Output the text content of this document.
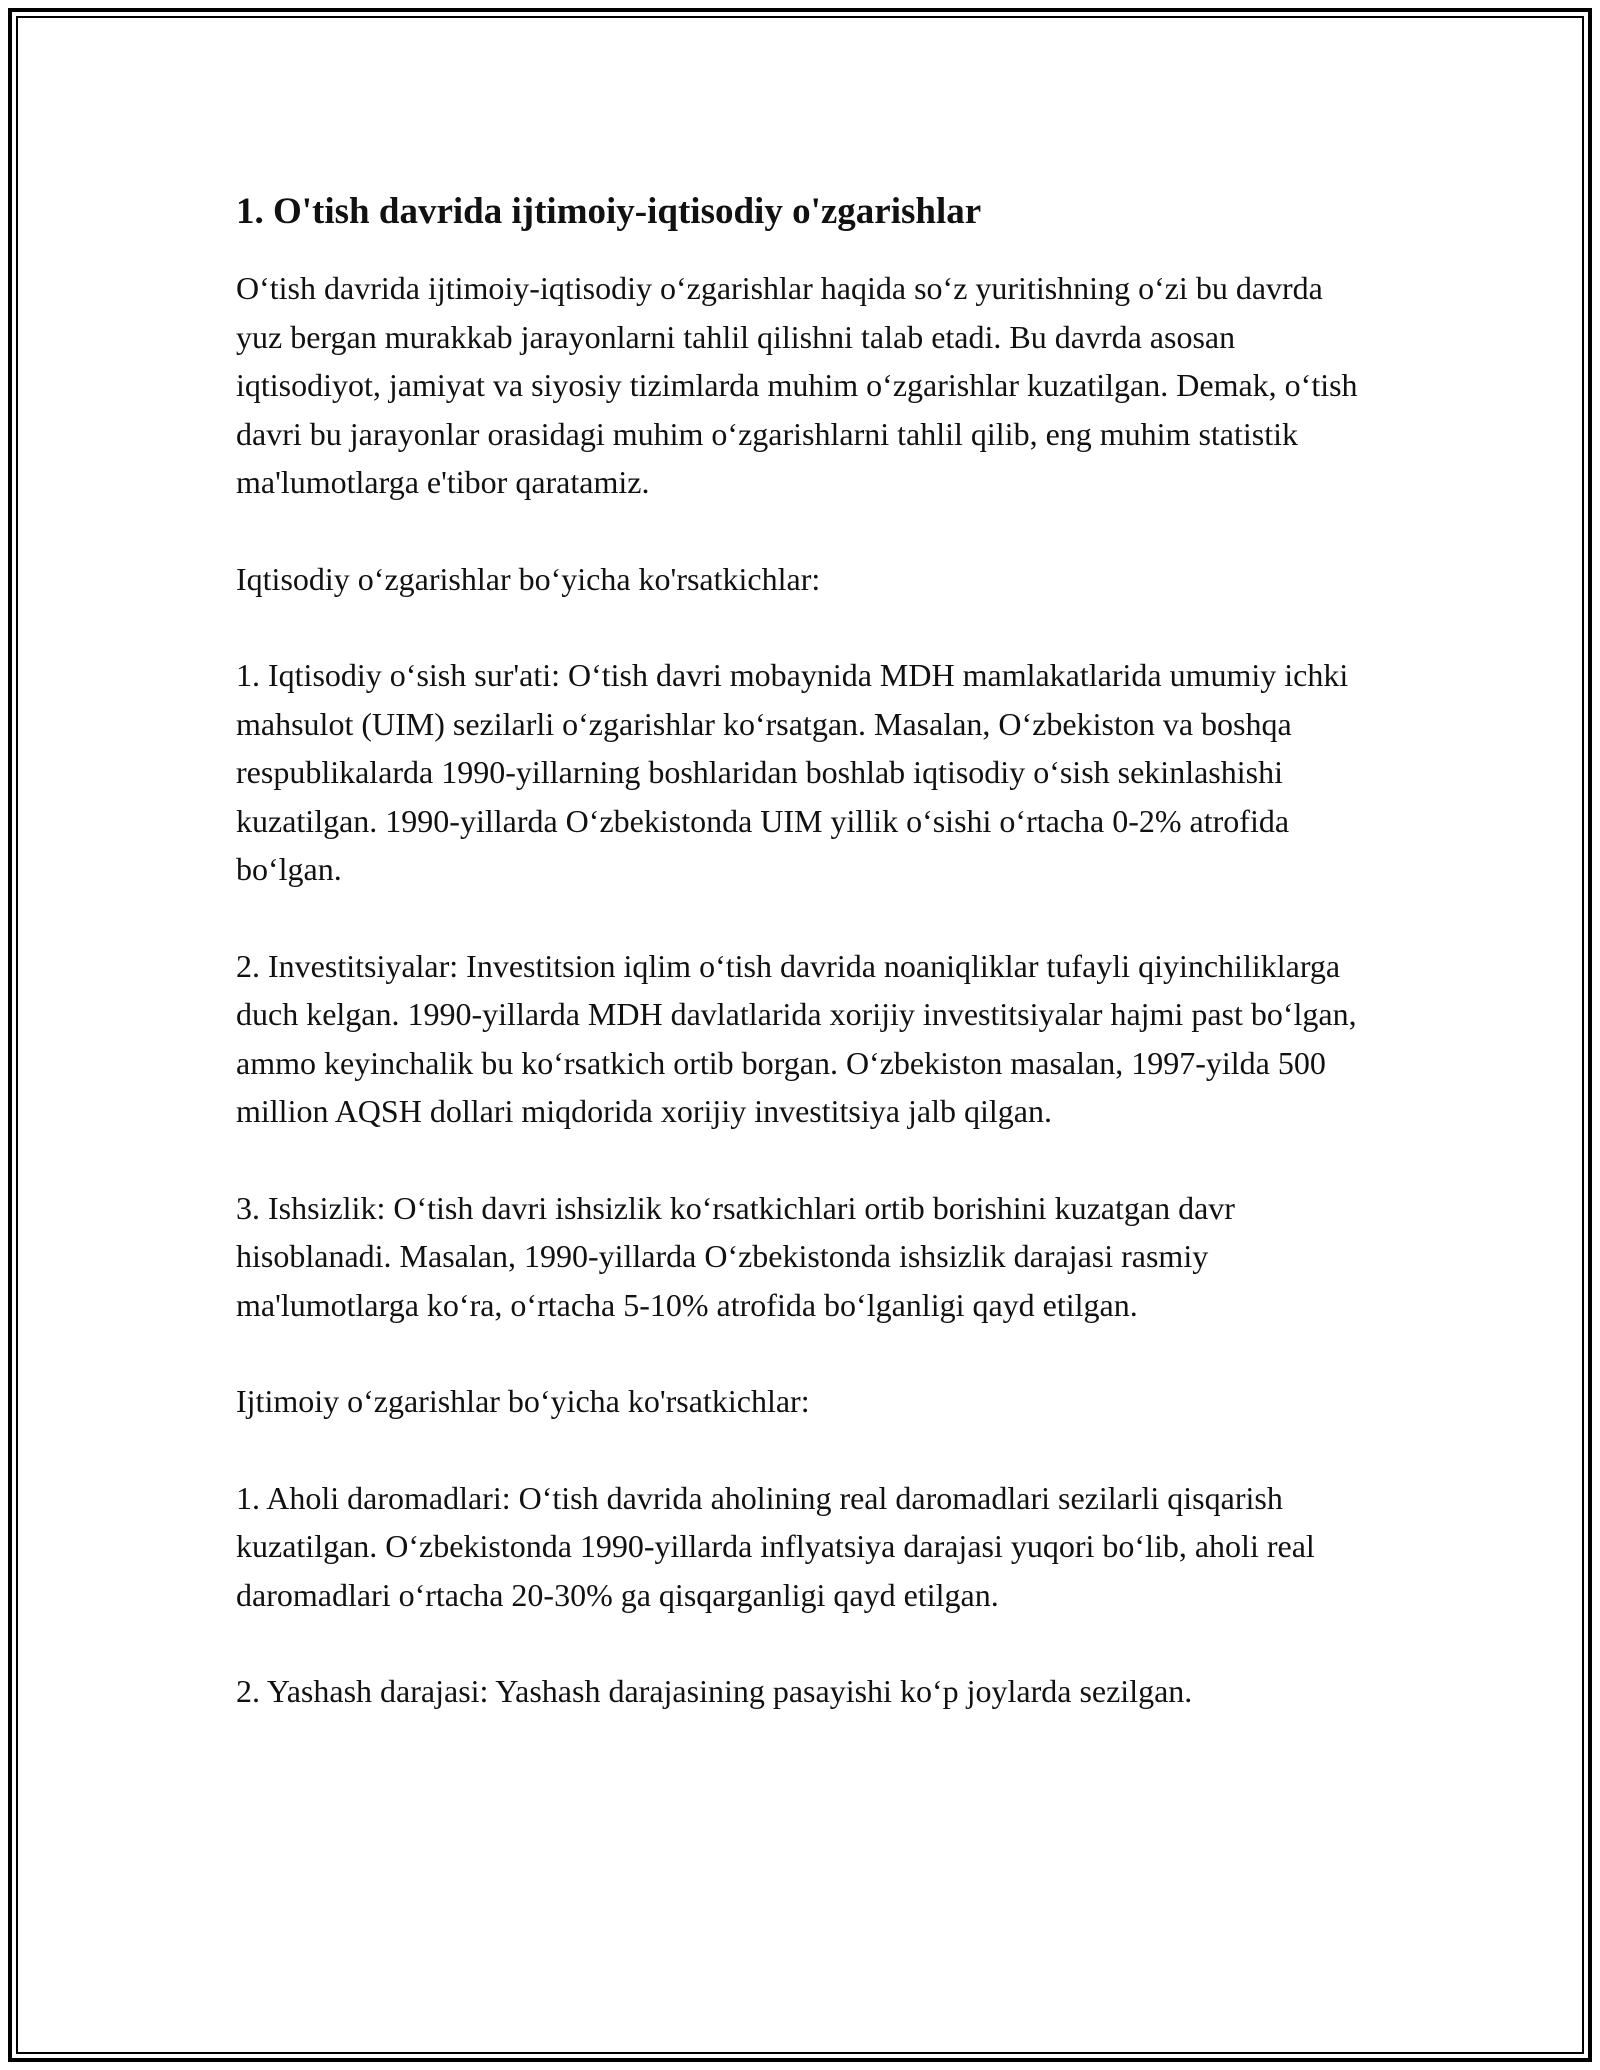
1. O'tish davrida ijtimoiy-iqtisodiy o'zgarishlar

O‘tish davrida ijtimoiy-iqtisodiy o‘zgarishlar haqida so‘z yuritishning o‘zi bu davrda yuz bergan murakkab jarayonlarni tahlil qilishni talab etadi. Bu davrda asosan iqtisodiyot, jamiyat va siyosiy tizimlarda muhim o‘zgarishlar kuzatilgan. Demak, o‘tish davri bu jarayonlar orasidagi muhim o‘zgarishlarni tahlil qilib, eng muhim statistik ma'lumotlarga e'tibor qaratamiz.

Iqtisodiy o‘zgarishlar bo‘yicha ko'rsatkichlar:

1. Iqtisodiy o‘sish sur'ati: O‘tish davri mobaynida MDH mamlakatlarida umumiy ichki mahsulot (UIM) sezilarli o‘zgarishlar ko‘rsatgan. Masalan, O‘zbekiston va boshqa respublikalarda 1990-yillarning boshlaridan boshlab iqtisodiy o‘sish sekinlashishi kuzatilgan. 1990-yillarda O‘zbekistonda UIM yillik o‘sishi o‘rtacha 0-2% atrofida bo‘lgan.

2. Investitsiyalar: Investitsion iqlim o‘tish davrida noaniqliklar tufayli qiyinchiliklarga duch kelgan. 1990-yillarda MDH davlatlarida xorijiy investitsiyalar hajmi past bo‘lgan, ammo keyinchalik bu ko‘rsatkich ortib borgan. O‘zbekiston masalan, 1997-yilda 500 million AQSH dollari miqdorida xorijiy investitsiya jalb qilgan.

3. Ishsizlik: O‘tish davri ishsizlik ko‘rsatkichlari ortib borishini kuzatgan davr hisoblanadi. Masalan, 1990-yillarda O‘zbekistonda ishsizlik darajasi rasmiy ma'lumotlarga ko‘ra, o‘rtacha 5-10% atrofida bo‘lganligi qayd etilgan.

Ijtimoiy o‘zgarishlar bo‘yicha ko'rsatkichlar:

1. Aholi daromadlari: O‘tish davrida aholining real daromadlari sezilarli qisqarish kuzatilgan. O‘zbekistonda 1990-yillarda inflyatsiya darajasi yuqori bo‘lib, aholi real daromadlari o‘rtacha 20-30% ga qisqarganligi qayd etilgan.

2. Yashash darajasi: Yashash darajasining pasayishi ko‘p joylarda sezilgan.
